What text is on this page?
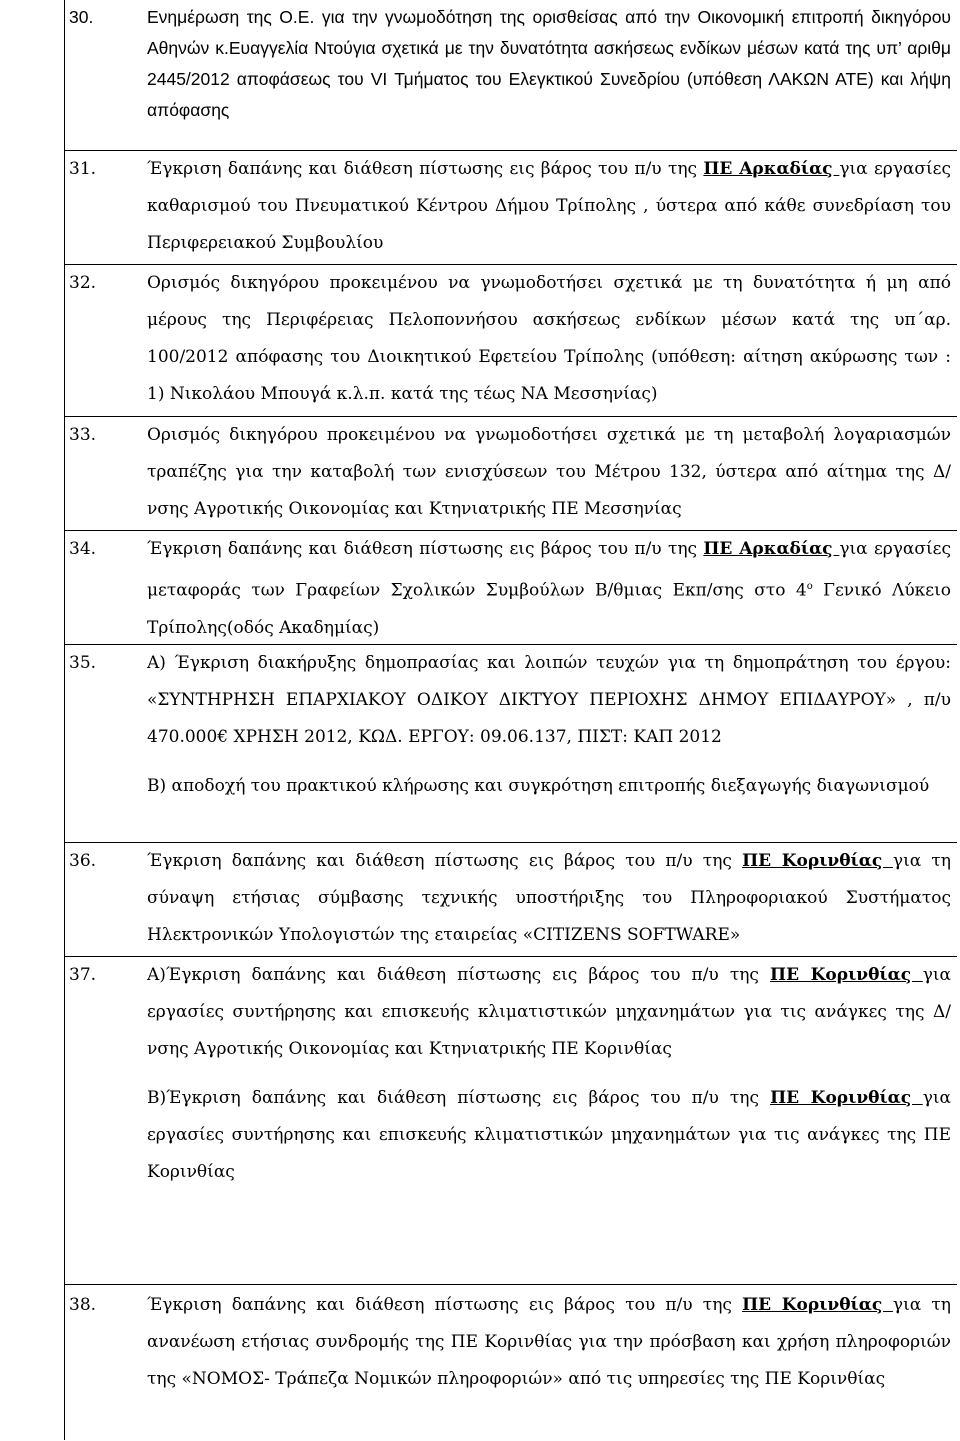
30.	Ενημέρωση της Ο.Ε. για την γνωμοδότηση της ορισθείσας από την Οικονομική επιτροπή δικηγόρου Αθηνών κ.Ευαγγελία Ντούγια σχετικά με την δυνατότητα ασκήσεως ενδίκων μέσων κατά της υπ’ αριθμ 2445/2012 αποφάσεως του VI Τμήματος του Ελεγκτικού Συνεδρίου (υπόθεση ΛΑΚΩΝ ΑΤΕ) και λήψη απόφασης
31.	Έγκριση δαπάνης και διάθεση πίστωσης εις βάρος του π/υ της ΠΕ Αρκαδίας για εργασίες καθαρισμού του Πνευματικού Κέντρου Δήμου Τρίπολης , ύστερα από κάθε συνεδρίαση του Περιφερειακού Συμβουλίου
32.	Ορισμός δικηγόρου προκειμένου να γνωμοδοτήσει σχετικά με τη δυνατότητα ή μη από μέρους της Περιφέρειας Πελοποννήσου ασκήσεως ενδίκων μέσων κατά της υπ΄αρ. 100/2012 απόφασης του Διοικητικού Εφετείου Τρίπολης (υπόθεση: αίτηση ακύρωσης των : 1) Νικολάου Μπουγά κ.λ.π. κατά της τέως ΝΑ Μεσσηνίας)
33.	Ορισμός δικηγόρου προκειμένου να γνωμοδοτήσει σχετικά με τη μεταβολή λογαριασμών τραπέζης για την καταβολή των ενισχύσεων του Μέτρου 132, ύστερα από αίτημα της Δ/νσης Αγροτικής Οικονομίας και Κτηνιατρικής ΠΕ Μεσσηνίας
34.	Έγκριση δαπάνης και διάθεση πίστωσης εις βάρος του π/υ της ΠΕ Αρκαδίας για εργασίες μεταφοράς των Γραφείων Σχολικών Συμβούλων Β/θμιας Εκπ/σης στο $4^o$ Γενικό Λύκειο Τρίπολης(οδός Ακαδημίας)
35.	Α) Έγκριση διακήρυξης δημοπρασίας και λοιπών τευχών για τη δημοπράτηση του έργου: «ΣΥΝΤΗΡΗΣΗ ΕΠΑΡΧΙΑΚΟΥ ΟΔΙΚΟΥ ΔΙΚΤΥΟΥ ΠΕΡΙΟΧΗΣ ΔΗΜΟΥ ΕΠΙΔΑΥΡΟΥ» , π/υ 470.000€ ΧΡΗΣΗ 2012, ΚΩΔ. ΕΡΓΟΥ: 09.06.137, ΠΙΣΤ: ΚΑΠ 2012

Β) αποδοχή του πρακτικού κλήρωσης και συγκρότηση επιτροπής διεξαγωγής διαγωνισμού

36.	Έγκριση δαπάνης και διάθεση πίστωσης εις βάρος του π/υ της ΠΕ Κορινθίας για τη σύναψη ετήσιας σύμβασης τεχνικής υποστήριξης του Πληροφοριακού Συστήματος Ηλεκτρονικών Υπολογιστών της εταιρείας «CITIZENS SOFTWARE»
37.	Α)Έγκριση δαπάνης και διάθεση πίστωσης εις βάρος του π/υ της ΠΕ Κορινθίας για εργασίες συντήρησης και επισκευής κλιματιστικών μηχανημάτων για τις ανάγκες της Δ/νσης Αγροτικής Οικονομίας και Κτηνιατρικής ΠΕ Κορινθίας

Β)Έγκριση δαπάνης και διάθεση πίστωσης εις βάρος του π/υ της ΠΕ Κορινθίας για εργασίες συντήρησης και επισκευής κλιματιστικών μηχανημάτων για τις ανάγκες της ΠΕ Κορινθίας

38.	Έγκριση δαπάνης και διάθεση πίστωσης εις βάρος του π/υ της ΠΕ Κορινθίας για τη ανανέωση ετήσιας συνδρομής της ΠΕ Κορινθίας για την πρόσβαση και χρήση πληροφοριών της «ΝΟΜΟΣ- Τράπεζα Νομικών πληροφοριών» από τις υπηρεσίες της ΠΕ Κορινθίας
